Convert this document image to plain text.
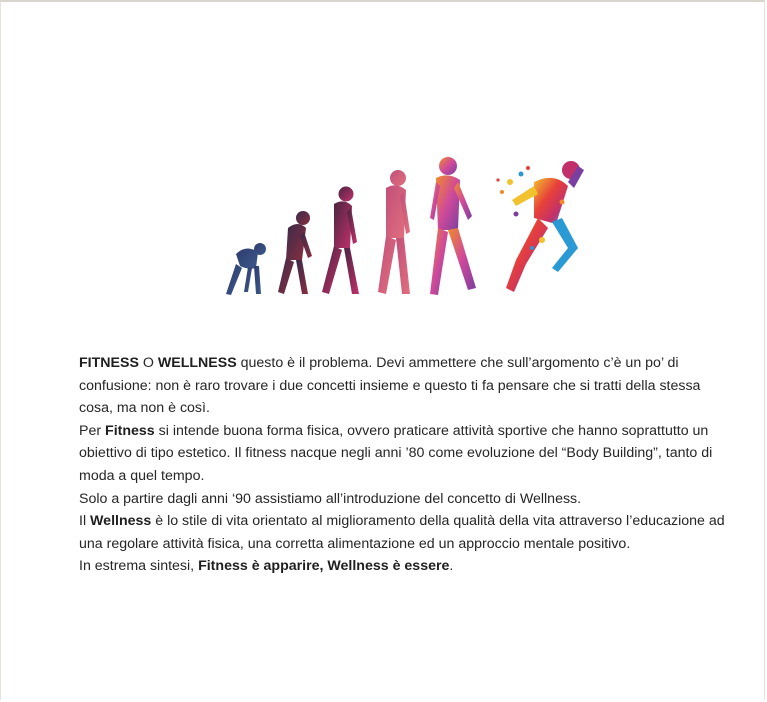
FITNESS O WELLNESS questo è il problema. Devi ammettere che sull’argomento c’è un po’ di confusione: non è raro trovare i due concetti insieme e questo ti fa pensare che si tratti della stessa cosa, ma non è così.

Per Fitness si intende buona forma fisica, ovvero praticare attività sportive che hanno soprattutto un obiettivo di tipo estetico. Il fitness nacque negli anni ’80 come evoluzione del “Body Building”, tanto di moda a quel tempo.

Solo a partire dagli anni ‘90 assistiamo all’introduzione del concetto di Wellness.

Il Wellness è lo stile di vita orientato al miglioramento della qualità della vita attraverso l’educazione ad una regolare attività fisica, una corretta alimentazione ed un approccio mentale positivo.

In estrema sintesi, Fitness è apparire, Wellness è essere.
